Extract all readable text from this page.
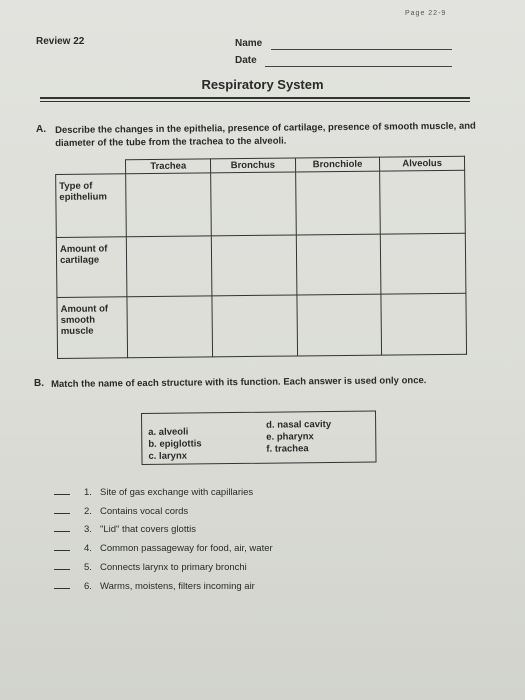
Page 22-9
Review 22	Name
Date
Respiratory System
A. Describe the changes in the epithelia, presence of cartilage, presence of smooth muscle, and diameter of the tube from the trachea to the alveoli.
	Trachea	Bronchus	Bronchiole	Alveolus
Type of epithelium				
Amount of cartilage				
Amount of smooth muscle				
B. Match the name of each structure with its function. Each answer is used only once.
a. alveoli
b. epiglottis
c. larynx
d. nasal cavity
e. pharynx
f. trachea
1. Site of gas exchange with capillaries
2. Contains vocal cords
3. "Lid" that covers glottis
4. Common passageway for food, air, water
5. Connects larynx to primary bronchi
6. Warms, moistens, filters incoming air
